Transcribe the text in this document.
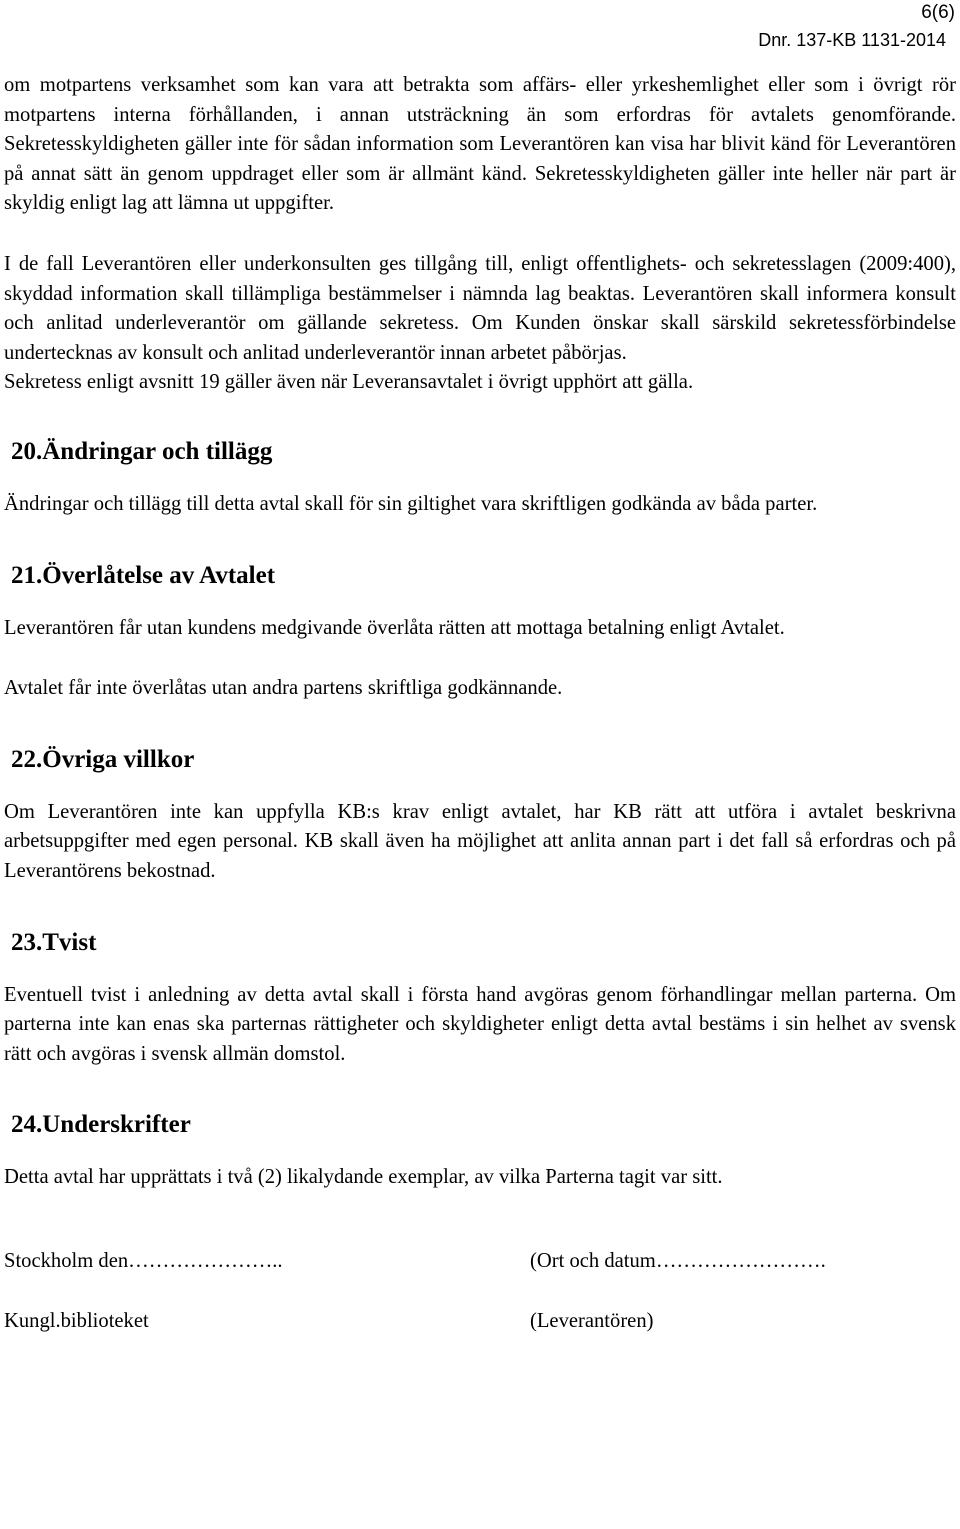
6(6)
Dnr. 137-KB 1131-2014

om motpartens verksamhet som kan vara att betrakta som affärs- eller yrkeshemlighet eller som i övrigt rör motpartens interna förhållanden, i annan utsträckning än som erfordras för avtalets genomförande. Sekretesskyldigheten gäller inte för sådan information som Leverantören kan visa har blivit känd för Leverantören på annat sätt än genom uppdraget eller som är allmänt känd. Sekretesskyldigheten gäller inte heller när part är skyldig enligt lag att lämna ut uppgifter.

I de fall Leverantören eller underkonsulten ges tillgång till, enligt offentlighets- och sekretesslagen (2009:400), skyddad information skall tillämpliga bestämmelser i nämnda lag beaktas. Leverantören skall informera konsult och anlitad underleverantör om gällande sekretess. Om Kunden önskar skall särskild sekretessförbindelse undertecknas av konsult och anlitad underleverantör innan arbetet påbörjas.

Sekretess enligt avsnitt 19 gäller även när Leveransavtalet i övrigt upphört att gälla.

20.Ändringar och tillägg

Ändringar och tillägg till detta avtal skall för sin giltighet vara skriftligen godkända av båda parter.

21.Överlåtelse av Avtalet

Leverantören får utan kundens medgivande överlåta rätten att mottaga betalning enligt Avtalet.

Avtalet får inte överlåtas utan andra partens skriftliga godkännande.

22.Övriga villkor

Om Leverantören inte kan uppfylla KB:s krav enligt avtalet, har KB rätt att utföra i avtalet beskrivna arbetsuppgifter med egen personal. KB skall även ha möjlighet att anlita annan part i det fall så erfordras och på Leverantörens bekostnad.

23.Tvist

Eventuell tvist i anledning av detta avtal skall i första hand avgöras genom förhandlingar mellan parterna. Om parterna inte kan enas ska parternas rättigheter och skyldigheter enligt detta avtal bestäms i sin helhet av svensk rätt och avgöras i svensk allmän domstol.

24.Underskrifter

Detta avtal har upprättats i två (2) likalydande exemplar, av vilka Parterna tagit var sitt.

Stockholm den…………………..	(Ort och datum…………………….
Kungl.biblioteket	(Leverantören)
